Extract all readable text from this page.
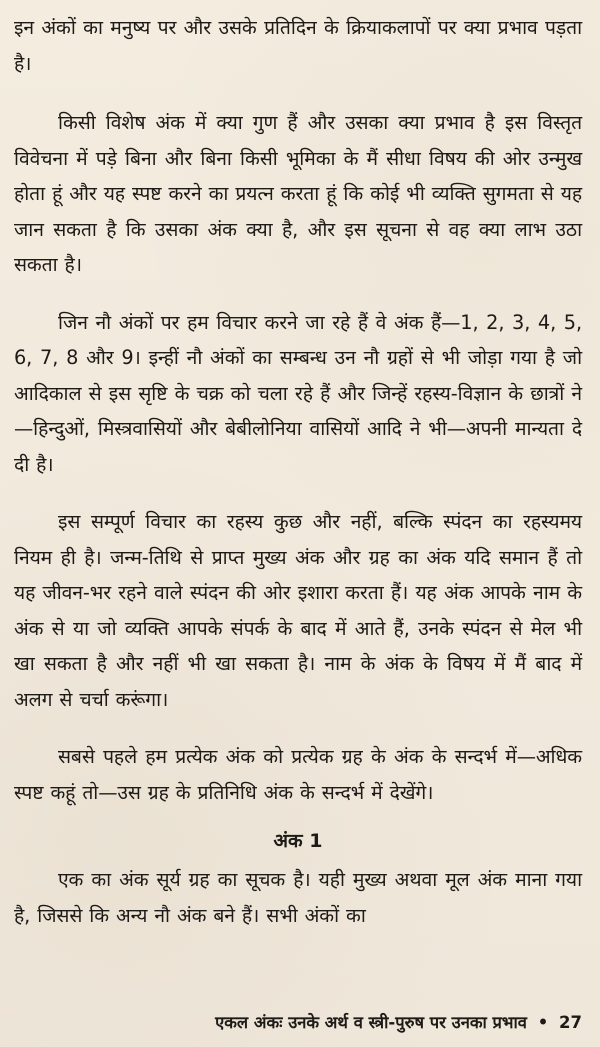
इन अंकों का मनुष्य पर और उसके प्रतिदिन के क्रियाकलापों पर क्या प्रभाव पड़ता है।

किसी विशेष अंक में क्या गुण हैं और उसका क्या प्रभाव है इस विस्तृत विवेचना में पड़े बिना और बिना किसी भूमिका के मैं सीधा विषय की ओर उन्मुख होता हूं और यह स्पष्ट करने का प्रयत्न करता हूं कि कोई भी व्यक्ति सुगमता से यह जान सकता है कि उसका अंक क्या है, और इस सूचना से वह क्या लाभ उठा सकता है।

जिन नौ अंकों पर हम विचार करने जा रहे हैं वे अंक हैं—1, 2, 3, 4, 5, 6, 7, 8 और 9। इन्हीं नौ अंकों का सम्बन्ध उन नौ ग्रहों से भी जोड़ा गया है जो आदिकाल से इस सृष्टि के चक्र को चला रहे हैं और जिन्हें रहस्य-विज्ञान के छात्रों ने—हिन्दुओं, मिस्त्रवासियों और बेबीलोनिया वासियों आदि ने भी—अपनी मान्यता दे दी है।

इस सम्पूर्ण विचार का रहस्य कुछ और नहीं, बल्कि स्पंदन का रहस्यमय नियम ही है। जन्म-तिथि से प्राप्त मुख्य अंक और ग्रह का अंक यदि समान हैं तो यह जीवन-भर रहने वाले स्पंदन की ओर इशारा करता हैं। यह अंक आपके नाम के अंक से या जो व्यक्ति आपके संपर्क के बाद में आते हैं, उनके स्पंदन से मेल भी खा सकता है और नहीं भी खा सकता है। नाम के अंक के विषय में मैं बाद में अलग से चर्चा करूंगा।

सबसे पहले हम प्रत्येक अंक को प्रत्येक ग्रह के अंक के सन्दर्भ में—अधिक स्पष्ट कहूं तो—उस ग्रह के प्रतिनिधि अंक के सन्दर्भ में देखेंगे।

अंक 1

एक का अंक सूर्य ग्रह का सूचक है। यही मुख्य अथवा मूल अंक माना गया है, जिससे कि अन्य नौ अंक बने हैं। सभी अंकों का

एकल अंकः उनके अर्थ व स्त्री-पुरुष पर उनका प्रभाव • 27
